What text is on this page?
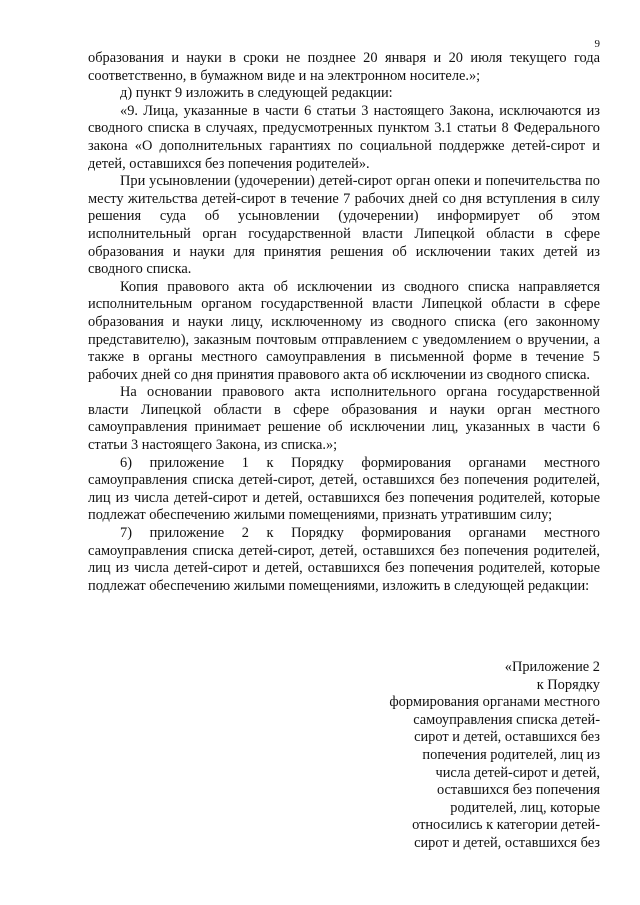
9

образования и науки в сроки не позднее 20 января и 20 июля текущего года соответственно, в бумажном виде и на электронном носителе.»;

д) пункт 9 изложить в следующей редакции:

«9. Лица, указанные в части 6 статьи 3 настоящего Закона, исключаются из сводного списка в случаях, предусмотренных пунктом 3.1 статьи 8 Федерального закона «О дополнительных гарантиях по социальной поддержке детей-сирот и детей, оставшихся без попечения родителей».

При усыновлении (удочерении) детей-сирот орган опеки и попечительства по месту жительства детей-сирот в течение 7 рабочих дней со дня вступления в силу решения суда об усыновлении (удочерении) информирует об этом исполнительный орган государственной власти Липецкой области в сфере образования и науки для принятия решения об исключении таких детей из сводного списка.

Копия правового акта об исключении из сводного списка направляется исполнительным органом государственной власти Липецкой области в сфере образования и науки лицу, исключенному из сводного списка (его законному представителю), заказным почтовым отправлением с уведомлением о вручении, а также в органы местного самоуправления в письменной форме в течение 5 рабочих дней со дня принятия правового акта об исключении из сводного списка.

На основании правового акта исполнительного органа государственной власти Липецкой области в сфере образования и науки орган местного самоуправления принимает решение об исключении лиц, указанных в части 6 статьи 3 настоящего Закона, из списка.»;

6) приложение 1 к Порядку формирования органами местного самоуправления списка детей-сирот, детей, оставшихся без попечения родителей, лиц из числа детей-сирот и детей, оставшихся без попечения родителей, которые подлежат обеспечению жилыми помещениями, признать утратившим силу;

7) приложение 2 к Порядку формирования органами местного самоуправления списка детей-сирот, детей, оставшихся без попечения родителей, лиц из числа детей-сирот и детей, оставшихся без попечения родителей, которые подлежат обеспечению жилыми помещениями, изложить в следующей редакции:

«Приложение 2
к Порядку
формирования органами местного
самоуправления списка детей-
сирот и детей, оставшихся без
попечения родителей, лиц из
числа детей-сирот и детей,
оставшихся без попечения
родителей, лиц, которые
относились к категории детей-
сирот и детей, оставшихся без
